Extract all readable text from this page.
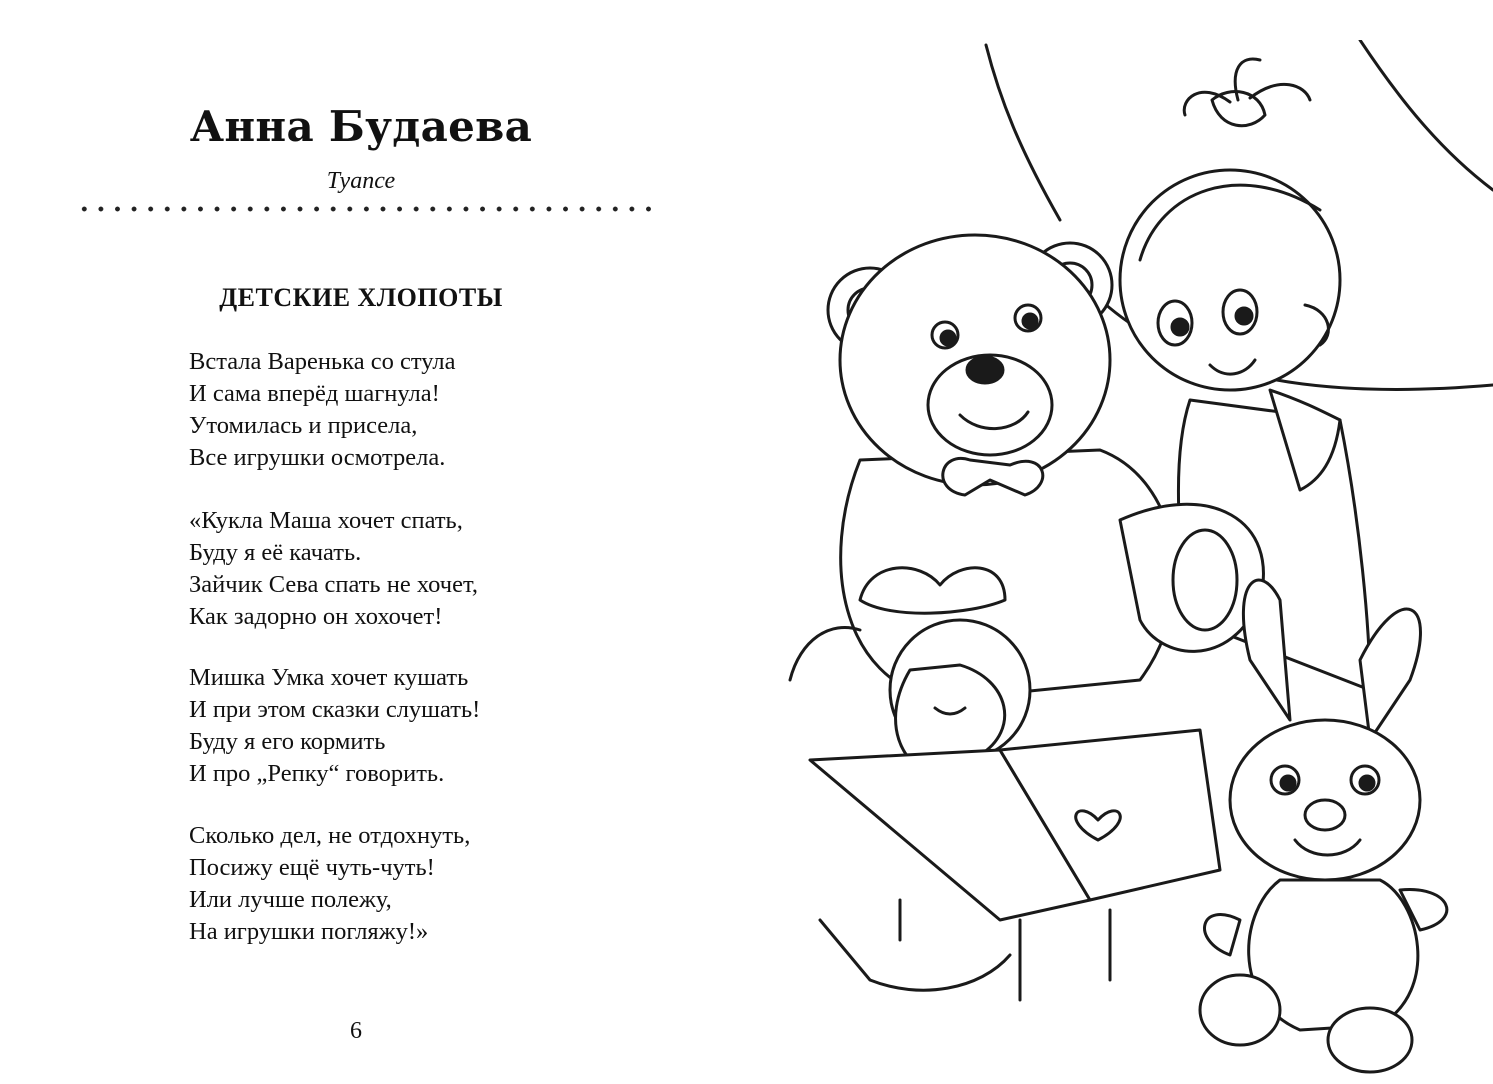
Анна Будаева
Туапсе
ДЕТСКИЕ ХЛОПОТЫ
Встала Варенька со стула
И сама вперёд шагнула!
Утомилась и присела,
Все игрушки осмотрела.
«Кукла Маша хочет спать,
Буду я её качать.
Зайчик Сева спать не хочет,
Как задорно он хохочет!
Мишка Умка хочет кушать
И при этом сказки слушать!
Буду я его кормить
И про „Репку“ говорить.
Сколько дел, не отдохнуть,
Посижу ещё чуть-чуть!
Или лучше полежу,
На игрушки погляжу!»
6
